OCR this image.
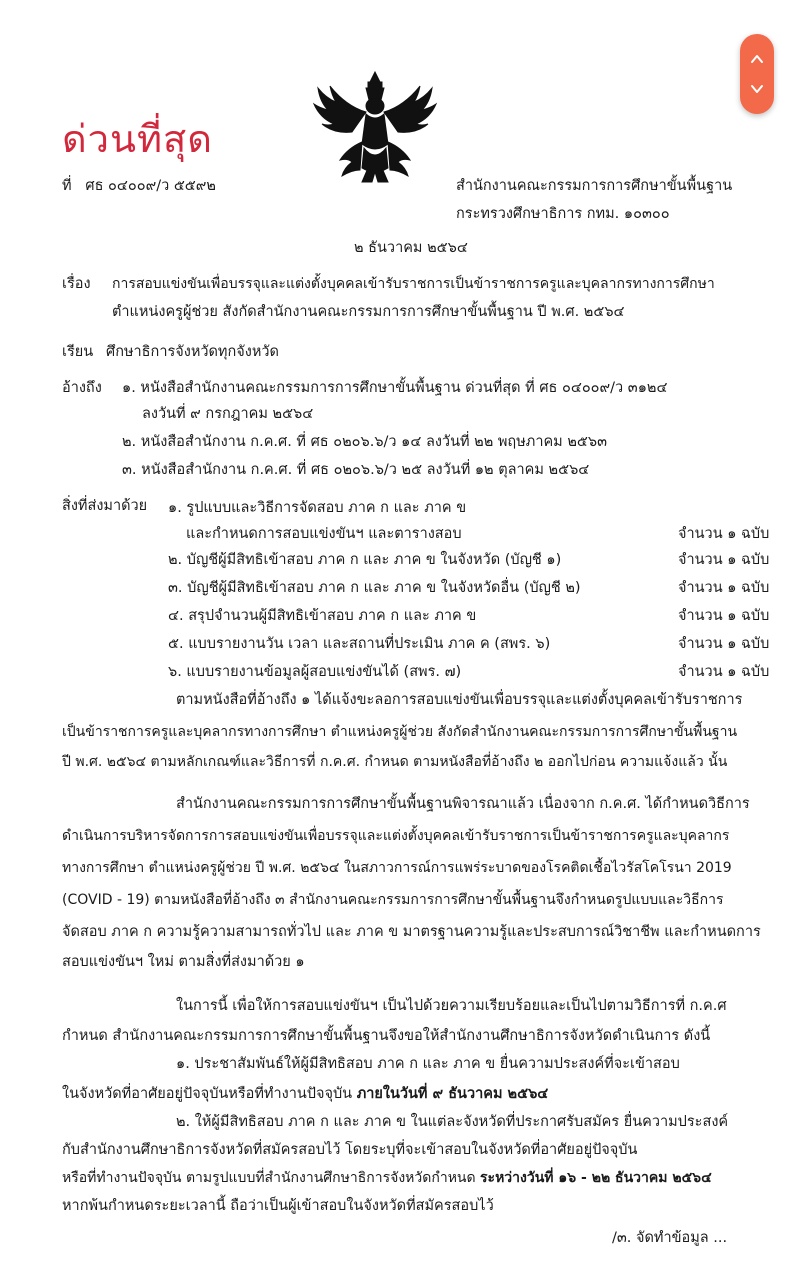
ด่วนที่สุด
ที่ ศธ ๐๔๐๐๙/ว ๕๕๙๒	สำนักงานคณะกรรมการการศึกษาขั้นพื้นฐาน
กระทรวงศึกษาธิการ กทม. ๑๐๓๐๐
๒ ธันวาคม ๒๕๖๔
เรื่อง การสอบแข่งขันเพื่อบรรจุและแต่งตั้งบุคคลเข้ารับราชการเป็นข้าราชการครูและบุคลากรทางการศึกษา
ตำแหน่งครูผู้ช่วย สังกัดสำนักงานคณะกรรมการการศึกษาขั้นพื้นฐาน ปี พ.ศ. ๒๕๖๔
เรียน ศึกษาธิการจังหวัดทุกจังหวัด
อ้างถึง ๑. หนังสือสำนักงานคณะกรรมการการศึกษาขั้นพื้นฐาน ด่วนที่สุด ที่ ศธ ๐๔๐๐๙/ว ๓๑๒๔
ลงวันที่ ๙ กรกฎาคม ๒๕๖๔
๒. หนังสือสำนักงาน ก.ค.ศ. ที่ ศธ ๐๒๐๖.๖/ว ๑๔ ลงวันที่ ๒๒ พฤษภาคม ๒๕๖๓
๓. หนังสือสำนักงาน ก.ค.ศ. ที่ ศธ ๐๒๐๖.๖/ว ๒๕ ลงวันที่ ๑๒ ตุลาคม ๒๕๖๔
สิ่งที่ส่งมาด้วย ๑. รูปแบบและวิธีการจัดสอบ ภาค ก และ ภาค ข
และกำหนดการสอบแข่งขันฯ และตารางสอบ	จำนวน ๑ ฉบับ
๒. บัญชีผู้มีสิทธิเข้าสอบ ภาค ก และ ภาค ข ในจังหวัด (บัญชี ๑)	จำนวน ๑ ฉบับ
๓. บัญชีผู้มีสิทธิเข้าสอบ ภาค ก และ ภาค ข ในจังหวัดอื่น (บัญชี ๒)	จำนวน ๑ ฉบับ
๔. สรุปจำนวนผู้มีสิทธิเข้าสอบ ภาค ก และ ภาค ข	จำนวน ๑ ฉบับ
๕. แบบรายงานวัน เวลา และสถานที่ประเมิน ภาค ค (สพร. ๖)	จำนวน ๑ ฉบับ
๖. แบบรายงานข้อมูลผู้สอบแข่งขันได้ (สพร. ๗)	จำนวน ๑ ฉบับ
ตามหนังสือที่อ้างถึง ๑ ได้แจ้งขะลอการสอบแข่งขันเพื่อบรรจุและแต่งตั้งบุคคลเข้ารับราชการ
เป็นข้าราชการครูและบุคลากรทางการศึกษา ตำแหน่งครูผู้ช่วย สังกัดสำนักงานคณะกรรมการการศึกษาขั้นพื้นฐาน
ปี พ.ศ. ๒๕๖๔ ตามหลักเกณฑ์และวิธีการที่ ก.ค.ศ. กำหนด ตามหนังสือที่อ้างถึง ๒ ออกไปก่อน ความแจ้งแล้ว นั้น
สำนักงานคณะกรรมการการศึกษาขั้นพื้นฐานพิจารณาแล้ว เนื่องจาก ก.ค.ศ. ได้กำหนดวิธีการ
ดำเนินการบริหารจัดการการสอบแข่งขันเพื่อบรรจุและแต่งตั้งบุคคลเข้ารับราชการเป็นข้าราชการครูและบุคลากร
ทางการศึกษา ตำแหน่งครูผู้ช่วย ปี พ.ศ. ๒๕๖๔ ในสภาวการณ์การแพร่ระบาดของโรคติดเชื้อไวรัสโคโรนา 2019
(COVID - 19) ตามหนังสือที่อ้างถึง ๓ สำนักงานคณะกรรมการการศึกษาขั้นพื้นฐานจึงกำหนดรูปแบบและวิธีการ
จัดสอบ ภาค ก ความรู้ความสามารถทั่วไป และ ภาค ข มาตรฐานความรู้และประสบการณ์วิชาชีพ และกำหนดการ
สอบแข่งขันฯ ใหม่ ตามสิ่งที่ส่งมาด้วย ๑
ในการนี้ เพื่อให้การสอบแข่งขันฯ เป็นไปด้วยความเรียบร้อยและเป็นไปตามวิธีการที่ ก.ค.ศ
กำหนด สำนักงานคณะกรรมการการศึกษาขั้นพื้นฐานจึงขอให้สำนักงานศึกษาธิการจังหวัดดำเนินการ ดังนี้
๑. ประชาสัมพันธ์ให้ผู้มีสิทธิสอบ ภาค ก และ ภาค ข ยื่นความประสงค์ที่จะเข้าสอบ
ในจังหวัดที่อาศัยอยู่ปัจจุบันหรือที่ทำงานปัจจุบัน ภายในวันที่ ๙ ธันวาคม ๒๕๖๔
๒. ให้ผู้มีสิทธิสอบ ภาค ก และ ภาค ข ในแต่ละจังหวัดที่ประกาศรับสมัคร ยื่นความประสงค์
กับสำนักงานศึกษาธิการจังหวัดที่สมัครสอบไว้ โดยระบุที่จะเข้าสอบในจังหวัดที่อาศัยอยู่ปัจจุบัน
หรือที่ทำงานปัจจุบัน ตามรูปแบบที่สำนักงานศึกษาธิการจังหวัดกำหนด ระหว่างวันที่ ๑๖ - ๒๒ ธันวาคม ๒๕๖๔
หากพ้นกำหนดระยะเวลานี้ ถือว่าเป็นผู้เข้าสอบในจังหวัดที่สมัครสอบไว้
/๓. จัดทำข้อมูล ...
